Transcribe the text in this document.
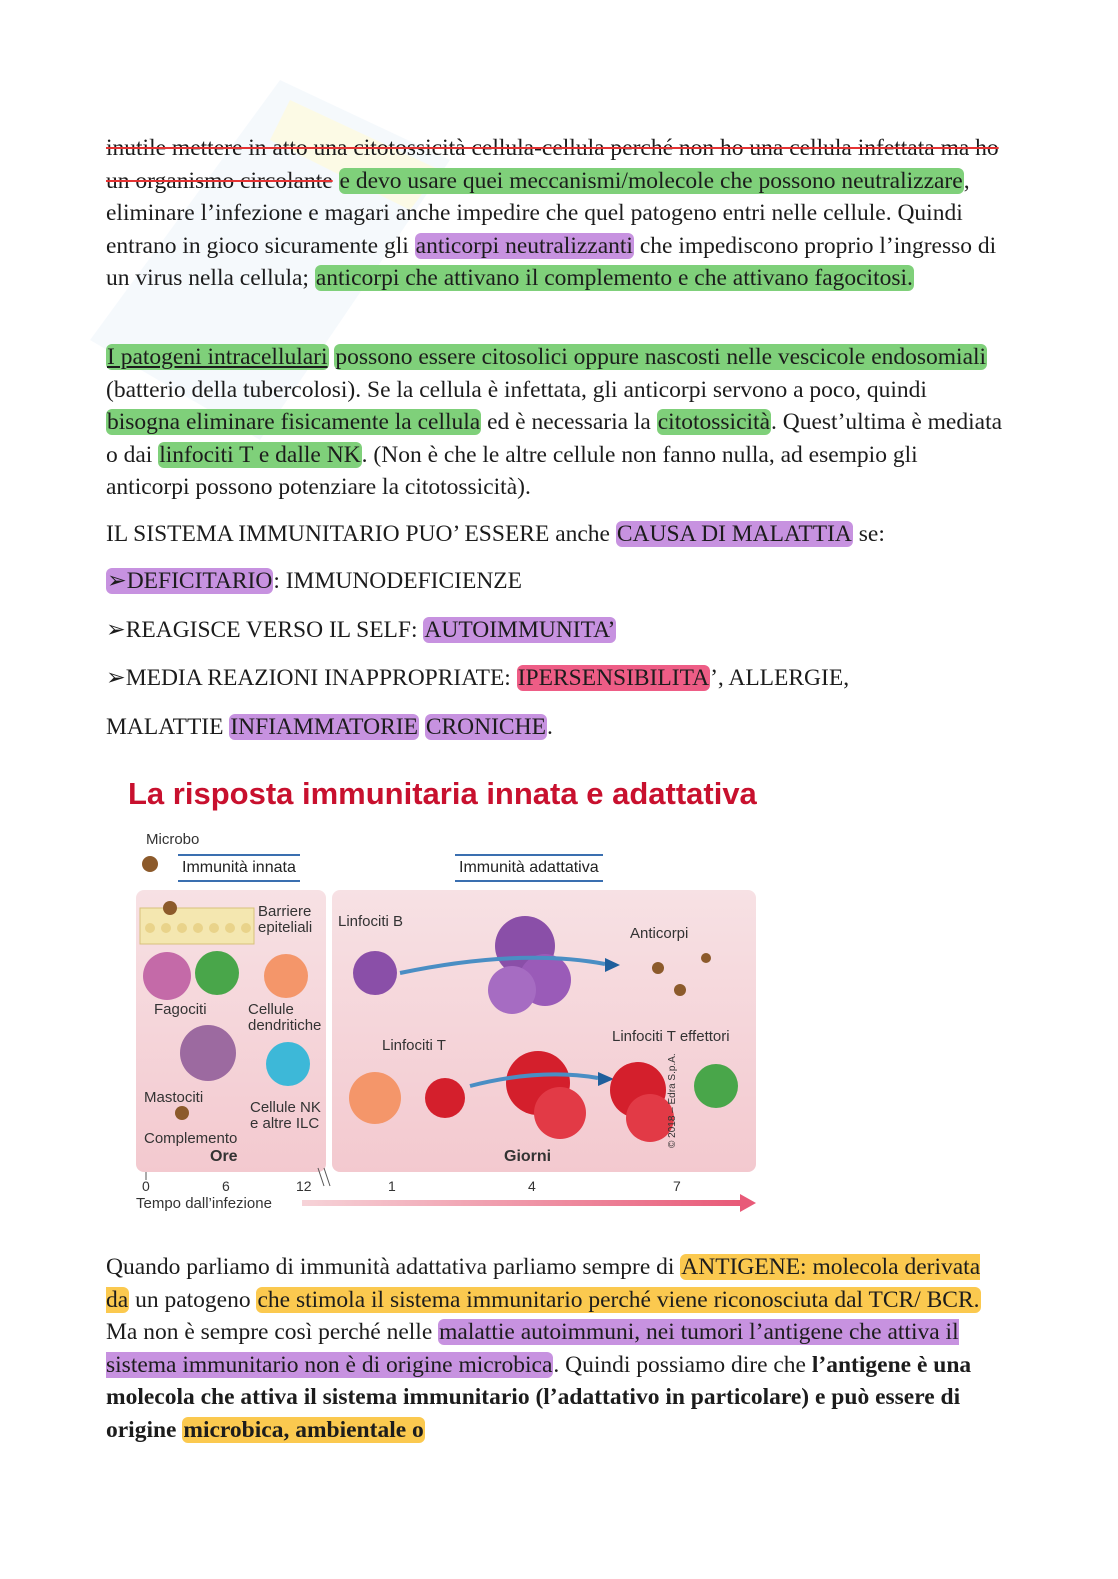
inutile mettere in atto una citotossicità cellula-cellula perché non ho una cellula infettata ma ho un organismo circolante e devo usare quei meccanismi/molecole che possono neutralizzare, eliminare l’infezione e magari anche impedire che quel patogeno entri nelle cellule. Quindi entrano in gioco sicuramente gli anticorpi neutralizzanti che impediscono proprio l’ingresso di un virus nella cellula; anticorpi che attivano il complemento e che attivano fagocitosi.

I patogeni intracellulari possono essere citosolici oppure nascosti nelle vescicole endosomiali (batterio della tubercolosi). Se la cellula è infettata, gli anticorpi servono a poco, quindi bisogna eliminare fisicamente la cellula ed è necessaria la citotossicità. Quest’ultima è mediata o dai linfociti T e dalle NK. (Non è che le altre cellule non fanno nulla, ad esempio gli anticorpi possono potenziare la citotossicità).

IL SISTEMA IMMUNITARIO PUO’ ESSERE anche CAUSA DI MALATTIA se:

➢DEFICITARIO: IMMUNODEFICIENZE

➢REAGISCE VERSO IL SELF: AUTOIMMUNITA’

➢MEDIA REAZIONI INAPPROPRIATE: IPERSENSIBILITA’, ALLERGIE,

MALATTIE INFIAMMATORIE CRONICHE.

La risposta immunitaria innata e adattativa
Microbo
Immunità innata	Immunità adattativa
Barriere
epiteliali
Fagociti	Cellule
dendritiche
Mastociti
Cellule NK
e altre ILC
Complemento
Linfociti B
Anticorpi
Linfociti T
Linfociti T effettori
Ore	Giorni
0	6	12	1	4	7
Tempo dall’infezione
© 2018 – Edra S.p.A.

Quando parliamo di immunità adattativa parliamo sempre di ANTIGENE: molecola derivata da un patogeno che stimola il sistema immunitario perché viene riconosciuta dal TCR/ BCR. Ma non è sempre così perché nelle malattie autoimmuni, nei tumori l’antigene che attiva il sistema immunitario non è di origine microbica. Quindi possiamo dire che l’antigene è una molecola che attiva il sistema immunitario (l’adattativo in particolare) e può essere di origine microbica, ambientale o
